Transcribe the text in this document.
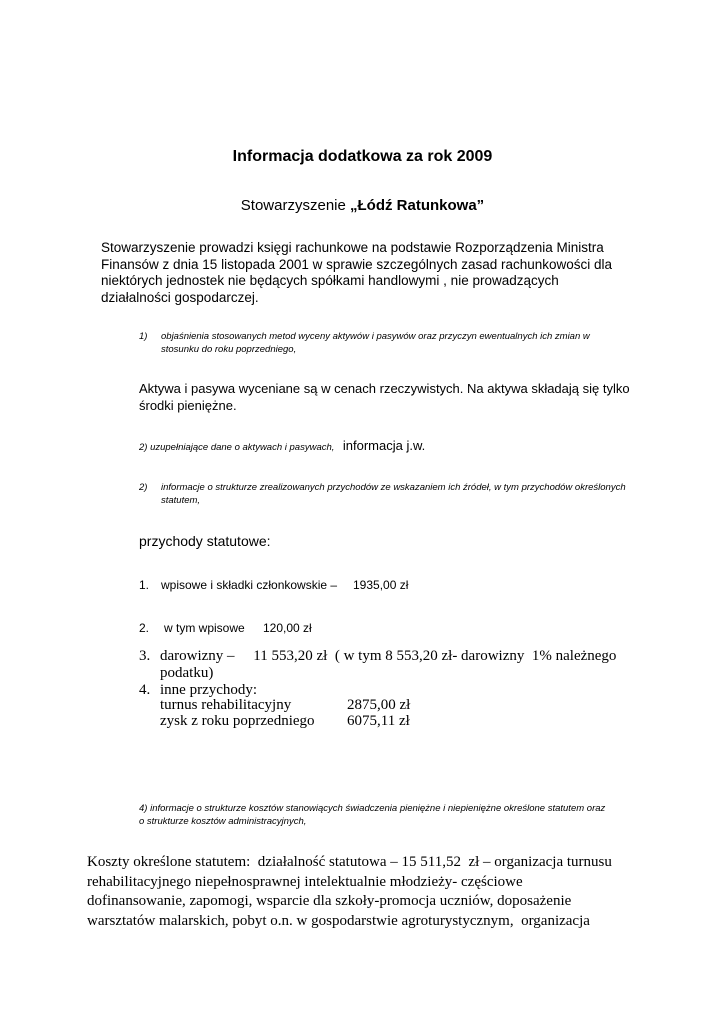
Informacja dodatkowa za rok 2009

Stowarzyszenie „Łódź Ratunkowa”

Stowarzyszenie prowadzi księgi rachunkowe na podstawie Rozporządzenia Ministra
Finansów z dnia 15 listopada 2001 w sprawie szczególnych zasad rachunkowości dla
niektórych jednostek nie będących spółkami handlowymi , nie prowadzących
działalności gospodarczej.
1) objaśnienia stosowanych metod wyceny aktywów i pasywów oraz przyczyn ewentualnych ich zmian w
stosunku do roku poprzedniego,
Aktywa i pasywa wyceniane są w cenach rzeczywistych. Na aktywa składają się tylko
środki pieniężne.
2) uzupełniające dane o aktywach i pasywach, informacja j.w.
2) informacje o strukturze zrealizowanych przychodów ze wskazaniem ich źródeł, w tym przychodów określonych
statutem,
przychody statutowe:
1. wpisowe i składki członkowskie – 1935,00 zł
2. w tym wpisowe 120,00 zł
3. darowizny –     11 553,20 zł  ( w tym 8 553,20 zł- darowizny  1% należnego
podatku)
4. inne przychody:
turnus rehabilitacyjny	2875,00 zł
zysk z roku poprzedniego 6075,11 zł
4) informacje o strukturze kosztów stanowiących świadczenia pieniężne i niepieniężne określone statutem oraz
o strukturze kosztów administracyjnych,
Koszty określone statutem:  działalność statutowa – 15 511,52  zł – organizacja turnusu
rehabilitacyjnego niepełnosprawnej intelektualnie młodzieży- częściowe
dofinansowanie, zapomogi, wsparcie dla szkoły-promocja uczniów, doposażenie
warsztatów malarskich, pobyt o.n. w gospodarstwie agroturystycznym,  organizacja
